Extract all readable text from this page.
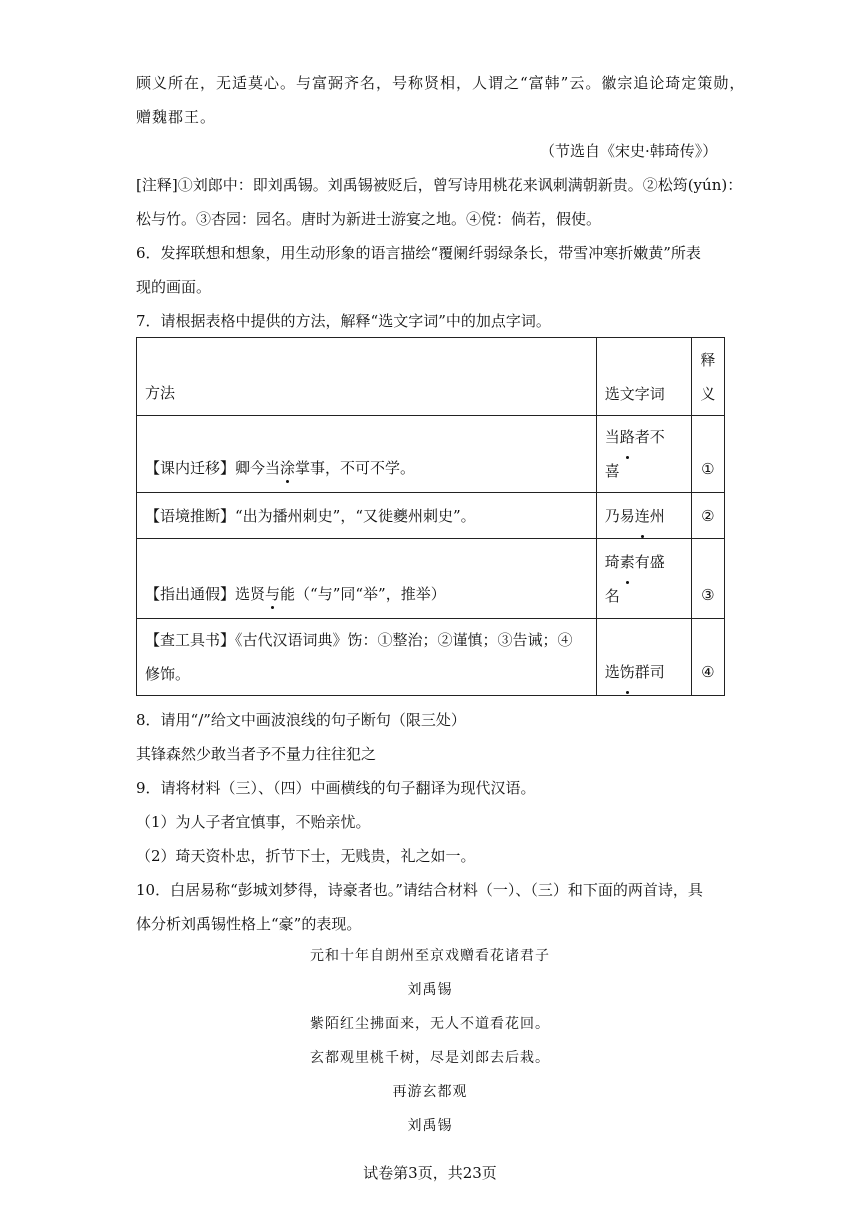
顾义所在，无适莫心。与富弼齐名，号称贤相，人谓之“富韩”云。徽宗追论琦定策勋，
赠魏郡王。
（节选自《宋史·韩琦传》）
[注释]①刘郎中：即刘禹锡。刘禹锡被贬后，曾写诗用桃花来讽刺满朝新贵。②松筠(yún)：
松与竹。③杏园：园名。唐时为新进士游宴之地。④傥：倘若，假使。
6．发挥联想和想象，用生动形象的语言描绘“覆阑纤弱绿条长，带雪冲寒折嫩黄”所表
现的画面。
7．请根据表格中提供的方法，解释“选文字词”中的加点字词。
方法	选文字词	释
义
【课内迁移】卿今当涂掌事，不可不学。	当路者不
喜	①
【语境推断】“出为播州刺史”，“又徙夔州刺史”。	乃易连州	②
【指出通假】选贤与能（“与”同“举”，推举）	琦素有盛
名	③
【查工具书】《古代汉语词典》饬：①整治；②谨慎；③告诫；④
修饰。	选饬群司	④
8．请用“/”给文中画波浪线的句子断句（限三处）
其锋森然少敢当者予不量力往往犯之
9．请将材料（三）、（四）中画横线的句子翻译为现代汉语。
（1）为人子者宜慎事，不贻亲忧。
（2）琦天资朴忠，折节下士，无贱贵，礼之如一。
10．白居易称“彭城刘梦得，诗豪者也。”请结合材料（一）、（三）和下面的两首诗，具
体分析刘禹锡性格上“豪”的表现。
元和十年自朗州至京戏赠看花诸君子
刘禹锡
紫陌红尘拂面来，无人不道看花回。
玄都观里桃千树，尽是刘郎去后栽。
再游玄都观
刘禹锡
试卷第3页，共23页
